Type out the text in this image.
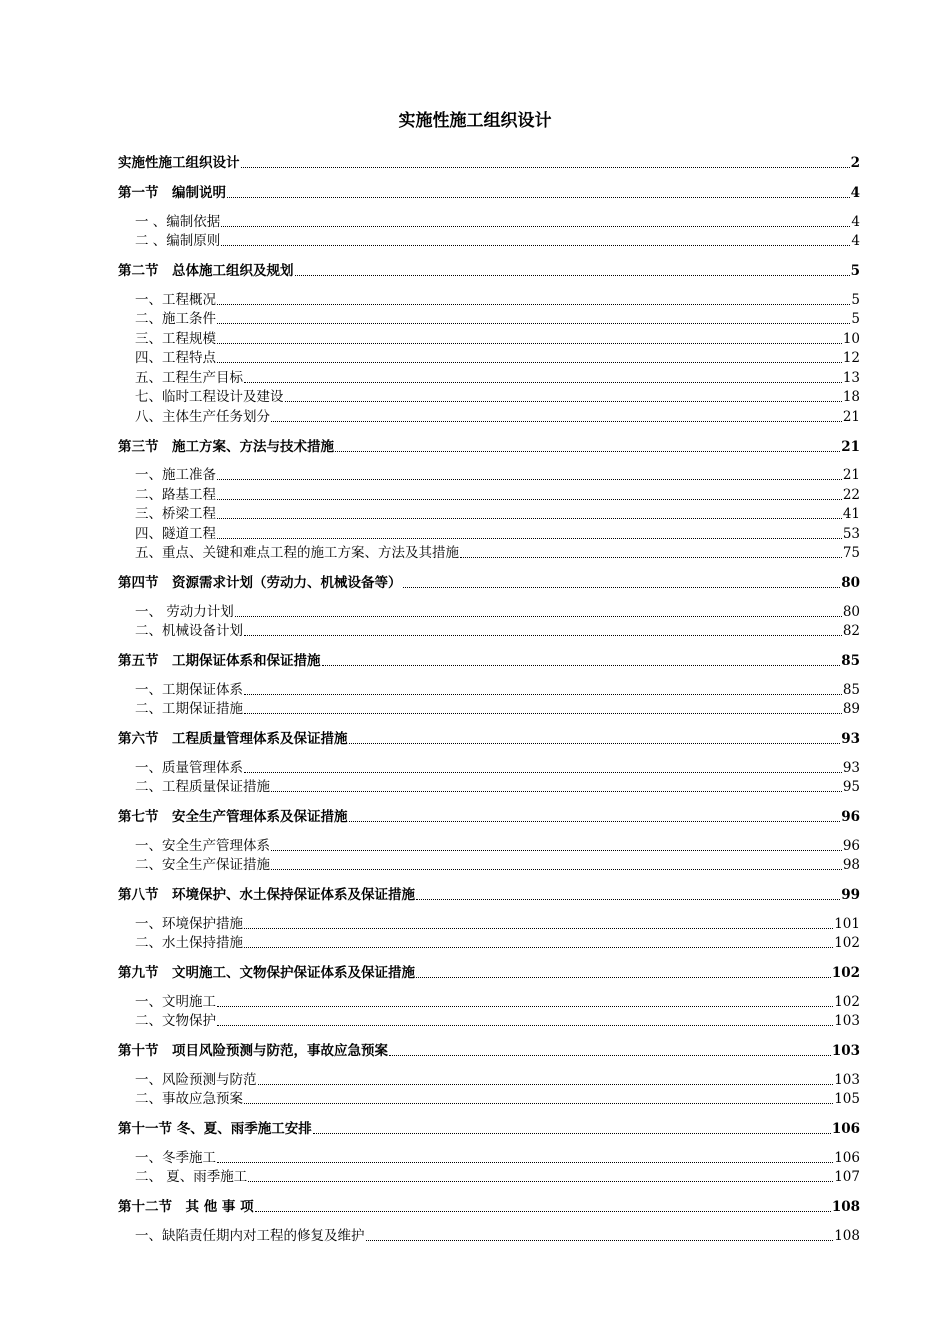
实施性施工组织设计
实施性施工组织设计	2
第一节　编制说明	4
一 、编制依据	4
二 、编制原则	4
第二节　总体施工组织及规划	5
一、工程概况	5
二、施工条件	5
三、工程规模	10
四、工程特点	12
五、工程生产目标	13
七、临时工程设计及建设	18
八、主体生产任务划分	21
第三节　施工方案、方法与技术措施	21
一、施工准备	21
二、路基工程	22
三、桥梁工程	41
四、隧道工程	53
五、重点、关键和难点工程的施工方案、方法及其措施	75
第四节　资源需求计划（劳动力、机械设备等）	80
一、 劳动力计划	80
二、机械设备计划	82
第五节　工期保证体系和保证措施	85
一、工期保证体系	85
二、工期保证措施	89
第六节　工程质量管理体系及保证措施	93
一、质量管理体系	93
二、工程质量保证措施	95
第七节　安全生产管理体系及保证措施	96
一、安全生产管理体系	96
二、安全生产保证措施	98
第八节　环境保护、水土保持保证体系及保证措施	99
一、环境保护措施	101
二、水土保持措施	102
第九节　文明施工、文物保护保证体系及保证措施	102
一、文明施工	102
二、文物保护	103
第十节　项目风险预测与防范，事故应急预案	103
一、风险预测与防范	103
二、事故应急预案	105
第十一节 冬、夏、雨季施工安排	106
一、冬季施工	106
二、 夏、雨季施工	107
第十二节　其 他 事 项	108
一、缺陷责任期内对工程的修复及维护	108
